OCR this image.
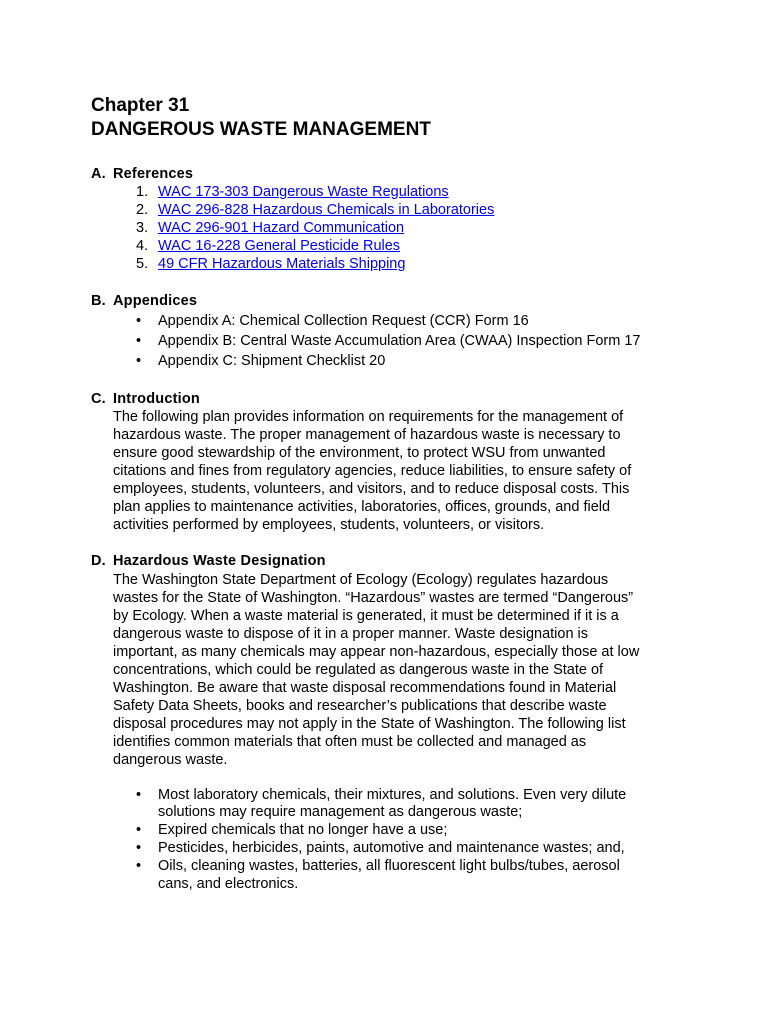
Chapter 31
DANGEROUS WASTE MANAGEMENT
A. References
1. WAC 173-303 Dangerous Waste Regulations
2. WAC 296-828 Hazardous Chemicals in Laboratories
3. WAC 296-901 Hazard Communication
4. WAC 16-228 General Pesticide Rules
5. 49 CFR Hazardous Materials Shipping
B. Appendices
• Appendix A: Chemical Collection Request (CCR) Form 16
• Appendix B: Central Waste Accumulation Area (CWAA) Inspection Form 17
• Appendix C: Shipment Checklist 20
C. Introduction

The following plan provides information on requirements for the management of
hazardous waste. The proper management of hazardous waste is necessary to
ensure good stewardship of the environment, to protect WSU from unwanted
citations and fines from regulatory agencies, reduce liabilities, to ensure safety of
employees, students, volunteers, and visitors, and to reduce disposal costs. This
plan applies to maintenance activities, laboratories, offices, grounds, and field
activities performed by employees, students, volunteers, or visitors.

D. Hazardous Waste Designation

The Washington State Department of Ecology (Ecology) regulates hazardous
wastes for the State of Washington. “Hazardous” wastes are termed “Dangerous”
by Ecology. When a waste material is generated, it must be determined if it is a
dangerous waste to dispose of it in a proper manner. Waste designation is
important, as many chemicals may appear non-hazardous, especially those at low
concentrations, which could be regulated as dangerous waste in the State of
Washington. Be aware that waste disposal recommendations found in Material
Safety Data Sheets, books and researcher’s publications that describe waste
disposal procedures may not apply in the State of Washington. The following list
identifies common materials that often must be collected and managed as
dangerous waste.

• Most laboratory chemicals, their mixtures, and solutions. Even very dilute
solutions may require management as dangerous waste;
• Expired chemicals that no longer have a use;
• Pesticides, herbicides, paints, automotive and maintenance wastes; and,
• Oils, cleaning wastes, batteries, all fluorescent light bulbs/tubes, aerosol
cans, and electronics.
